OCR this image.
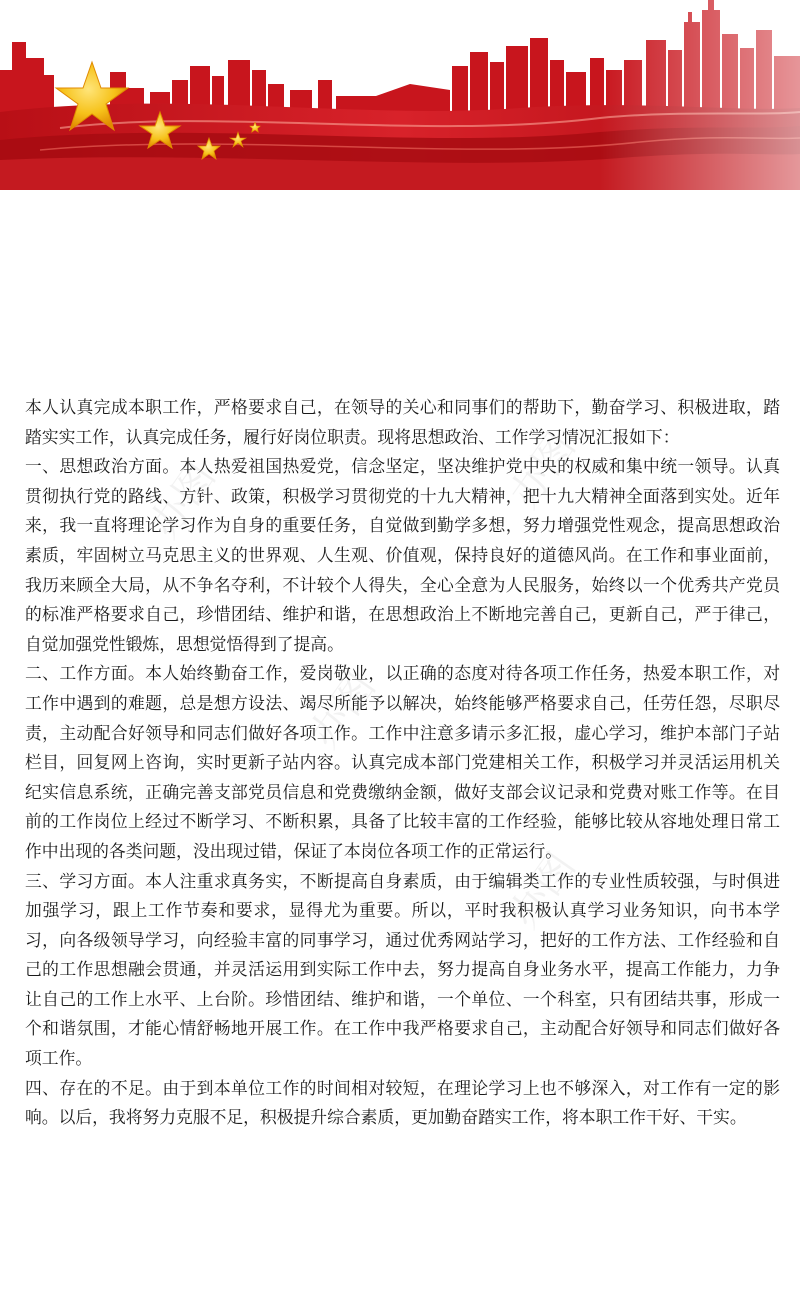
办图	办图
办图
办图

本人认真完成本职工作，严格要求自己，在领导的关心和同事们的帮助下，勤奋学习、积极进取，踏踏实实工作，认真完成任务，履行好岗位职责。现将思想政治、工作学习情况汇报如下：

一、思想政治方面。本人热爱祖国热爱党，信念坚定，坚决维护党中央的权威和集中统一领导。认真贯彻执行党的路线、方针、政策，积极学习贯彻党的十九大精神，把十九大精神全面落到实处。近年来，我一直将理论学习作为自身的重要任务，自觉做到勤学多想，努力增强党性观念，提高思想政治素质，牢固树立马克思主义的世界观、人生观、价值观，保持良好的道德风尚。在工作和事业面前，我历来顾全大局，从不争名夺利，不计较个人得失，全心全意为人民服务，始终以一个优秀共产党员的标准严格要求自己，珍惜团结、维护和谐，在思想政治上不断地完善自己，更新自己，严于律己，自觉加强党性锻炼，思想觉悟得到了提高。

二、工作方面。本人始终勤奋工作，爱岗敬业，以正确的态度对待各项工作任务，热爱本职工作，对工作中遇到的难题，总是想方设法、竭尽所能予以解决，始终能够严格要求自己，任劳任怨，尽职尽责，主动配合好领导和同志们做好各项工作。工作中注意多请示多汇报，虚心学习，维护本部门子站栏目，回复网上咨询，实时更新子站内容。认真完成本部门党建相关工作，积极学习并灵活运用机关纪实信息系统，正确完善支部党员信息和党费缴纳金额，做好支部会议记录和党费对账工作等。在目前的工作岗位上经过不断学习、不断积累，具备了比较丰富的工作经验，能够比较从容地处理日常工作中出现的各类问题，没出现过错，保证了本岗位各项工作的正常运行。

三、学习方面。本人注重求真务实，不断提高自身素质，由于编辑类工作的专业性质较强，与时俱进加强学习，跟上工作节奏和要求，显得尤为重要。所以，平时我积极认真学习业务知识，向书本学习，向各级领导学习，向经验丰富的同事学习，通过优秀网站学习，把好的工作方法、工作经验和自己的工作思想融会贯通，并灵活运用到实际工作中去，努力提高自身业务水平，提高工作能力，力争让自己的工作上水平、上台阶。珍惜团结、维护和谐，一个单位、一个科室，只有团结共事，形成一个和谐氛围，才能心情舒畅地开展工作。在工作中我严格要求自己，主动配合好领导和同志们做好各项工作。

四、存在的不足。由于到本单位工作的时间相对较短，在理论学习上也不够深入，对工作有一定的影响。以后，我将努力克服不足，积极提升综合素质，更加勤奋踏实工作，将本职工作干好、干实。
